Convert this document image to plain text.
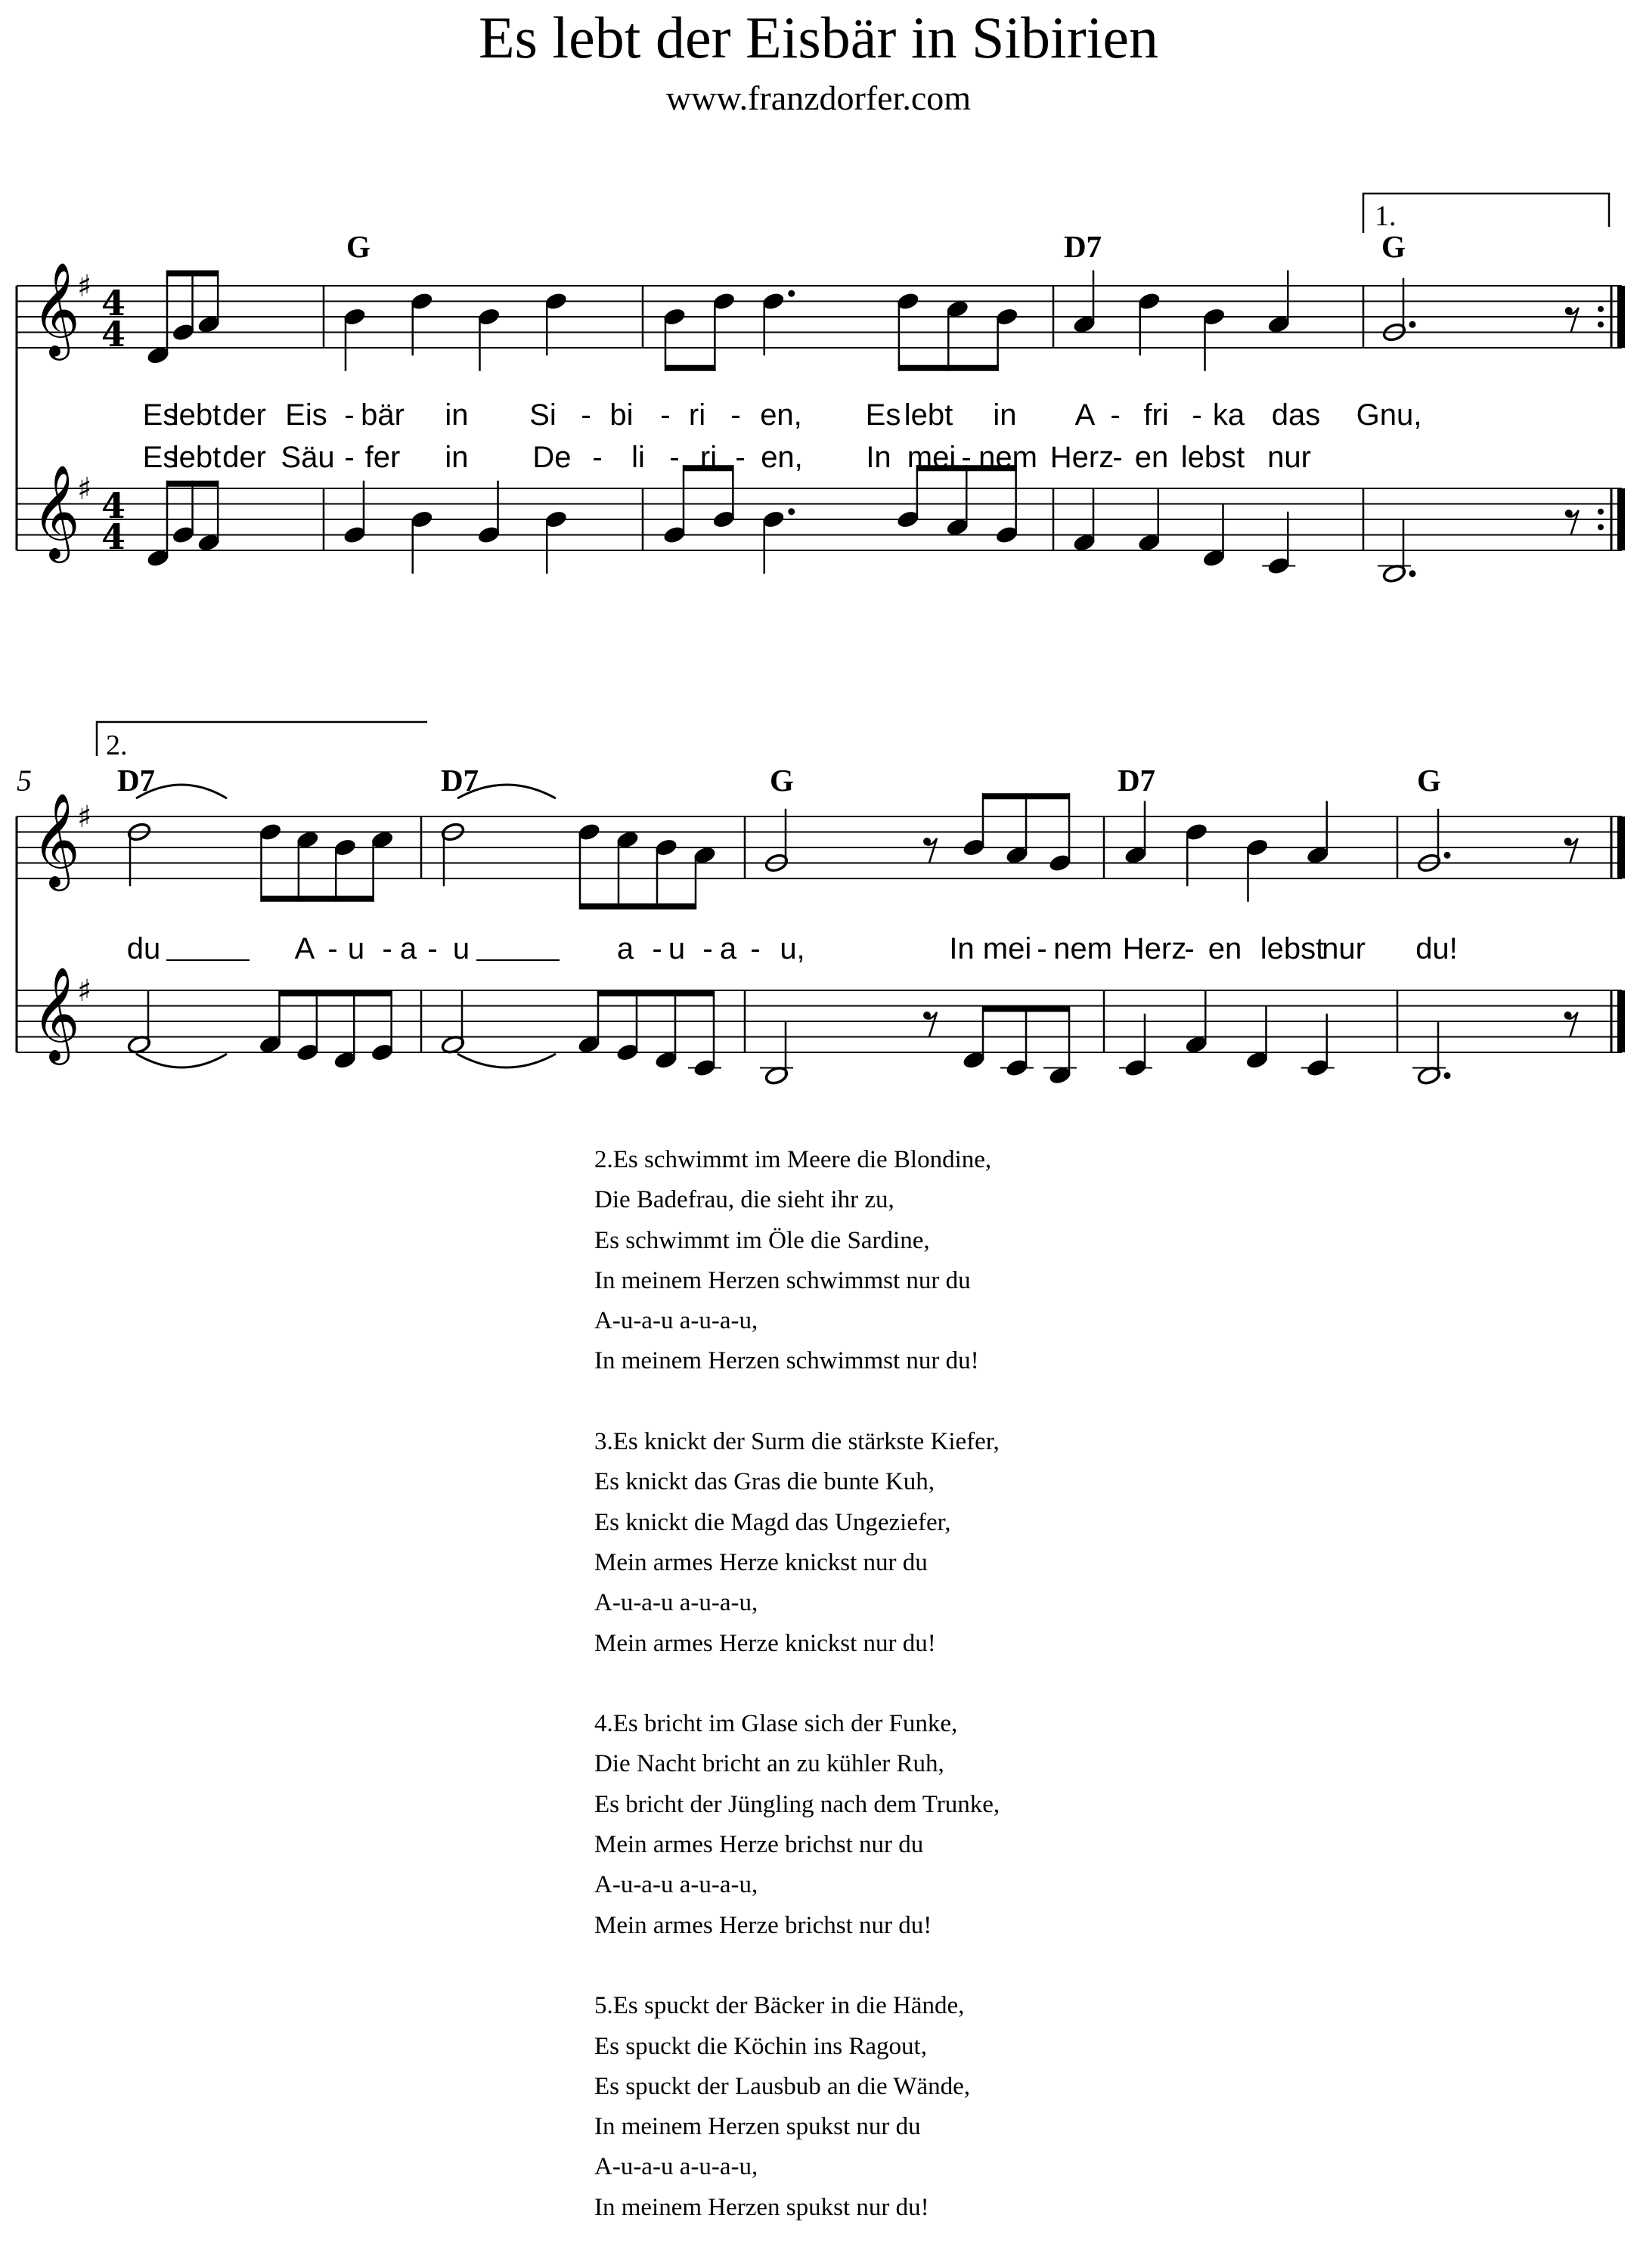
Es lebt der Eisbär in Sibirien
www.franzdorfer.com
𝄞
♯ 4
4
𝄞
♯ 4
4
𝄞
♯
𝄞
♯
G	D7	G
1.
Es
lebt der Eis - bär in Si - bi - ri - en, Es lebt in A - fri - ka das Gnu,
Es
lebt der Säu - fer in De - li - ri - en, In mei - nem Herz
- en lebst nur
5	D7	D7	G	D7	G
2.
du	A - u - a - u	a - u - a - u,	In mei - nem Herz
- en lebst
nur du!
2.Es schwimmt im Meere die Blondine,
Die Badefrau, die sieht ihr zu,
Es schwimmt im Öle die Sardine,
In meinem Herzen schwimmst nur du
A-u-a-u a-u-a-u,
In meinem Herzen schwimmst nur du!
3.Es knickt der Surm die stärkste Kiefer,
Es knickt das Gras die bunte Kuh,
Es knickt die Magd das Ungeziefer,
Mein armes Herze knickst nur du
A-u-a-u a-u-a-u,
Mein armes Herze knickst nur du!
4.Es bricht im Glase sich der Funke,
Die Nacht bricht an zu kühler Ruh,
Es bricht der Jüngling nach dem Trunke,
Mein armes Herze brichst nur du
A-u-a-u a-u-a-u,
Mein armes Herze brichst nur du!
5.Es spuckt der Bäcker in die Hände,
Es spuckt die Köchin ins Ragout,
Es spuckt der Lausbub an die Wände,
In meinem Herzen spukst nur du
A-u-a-u a-u-a-u,
In meinem Herzen spukst nur du!
